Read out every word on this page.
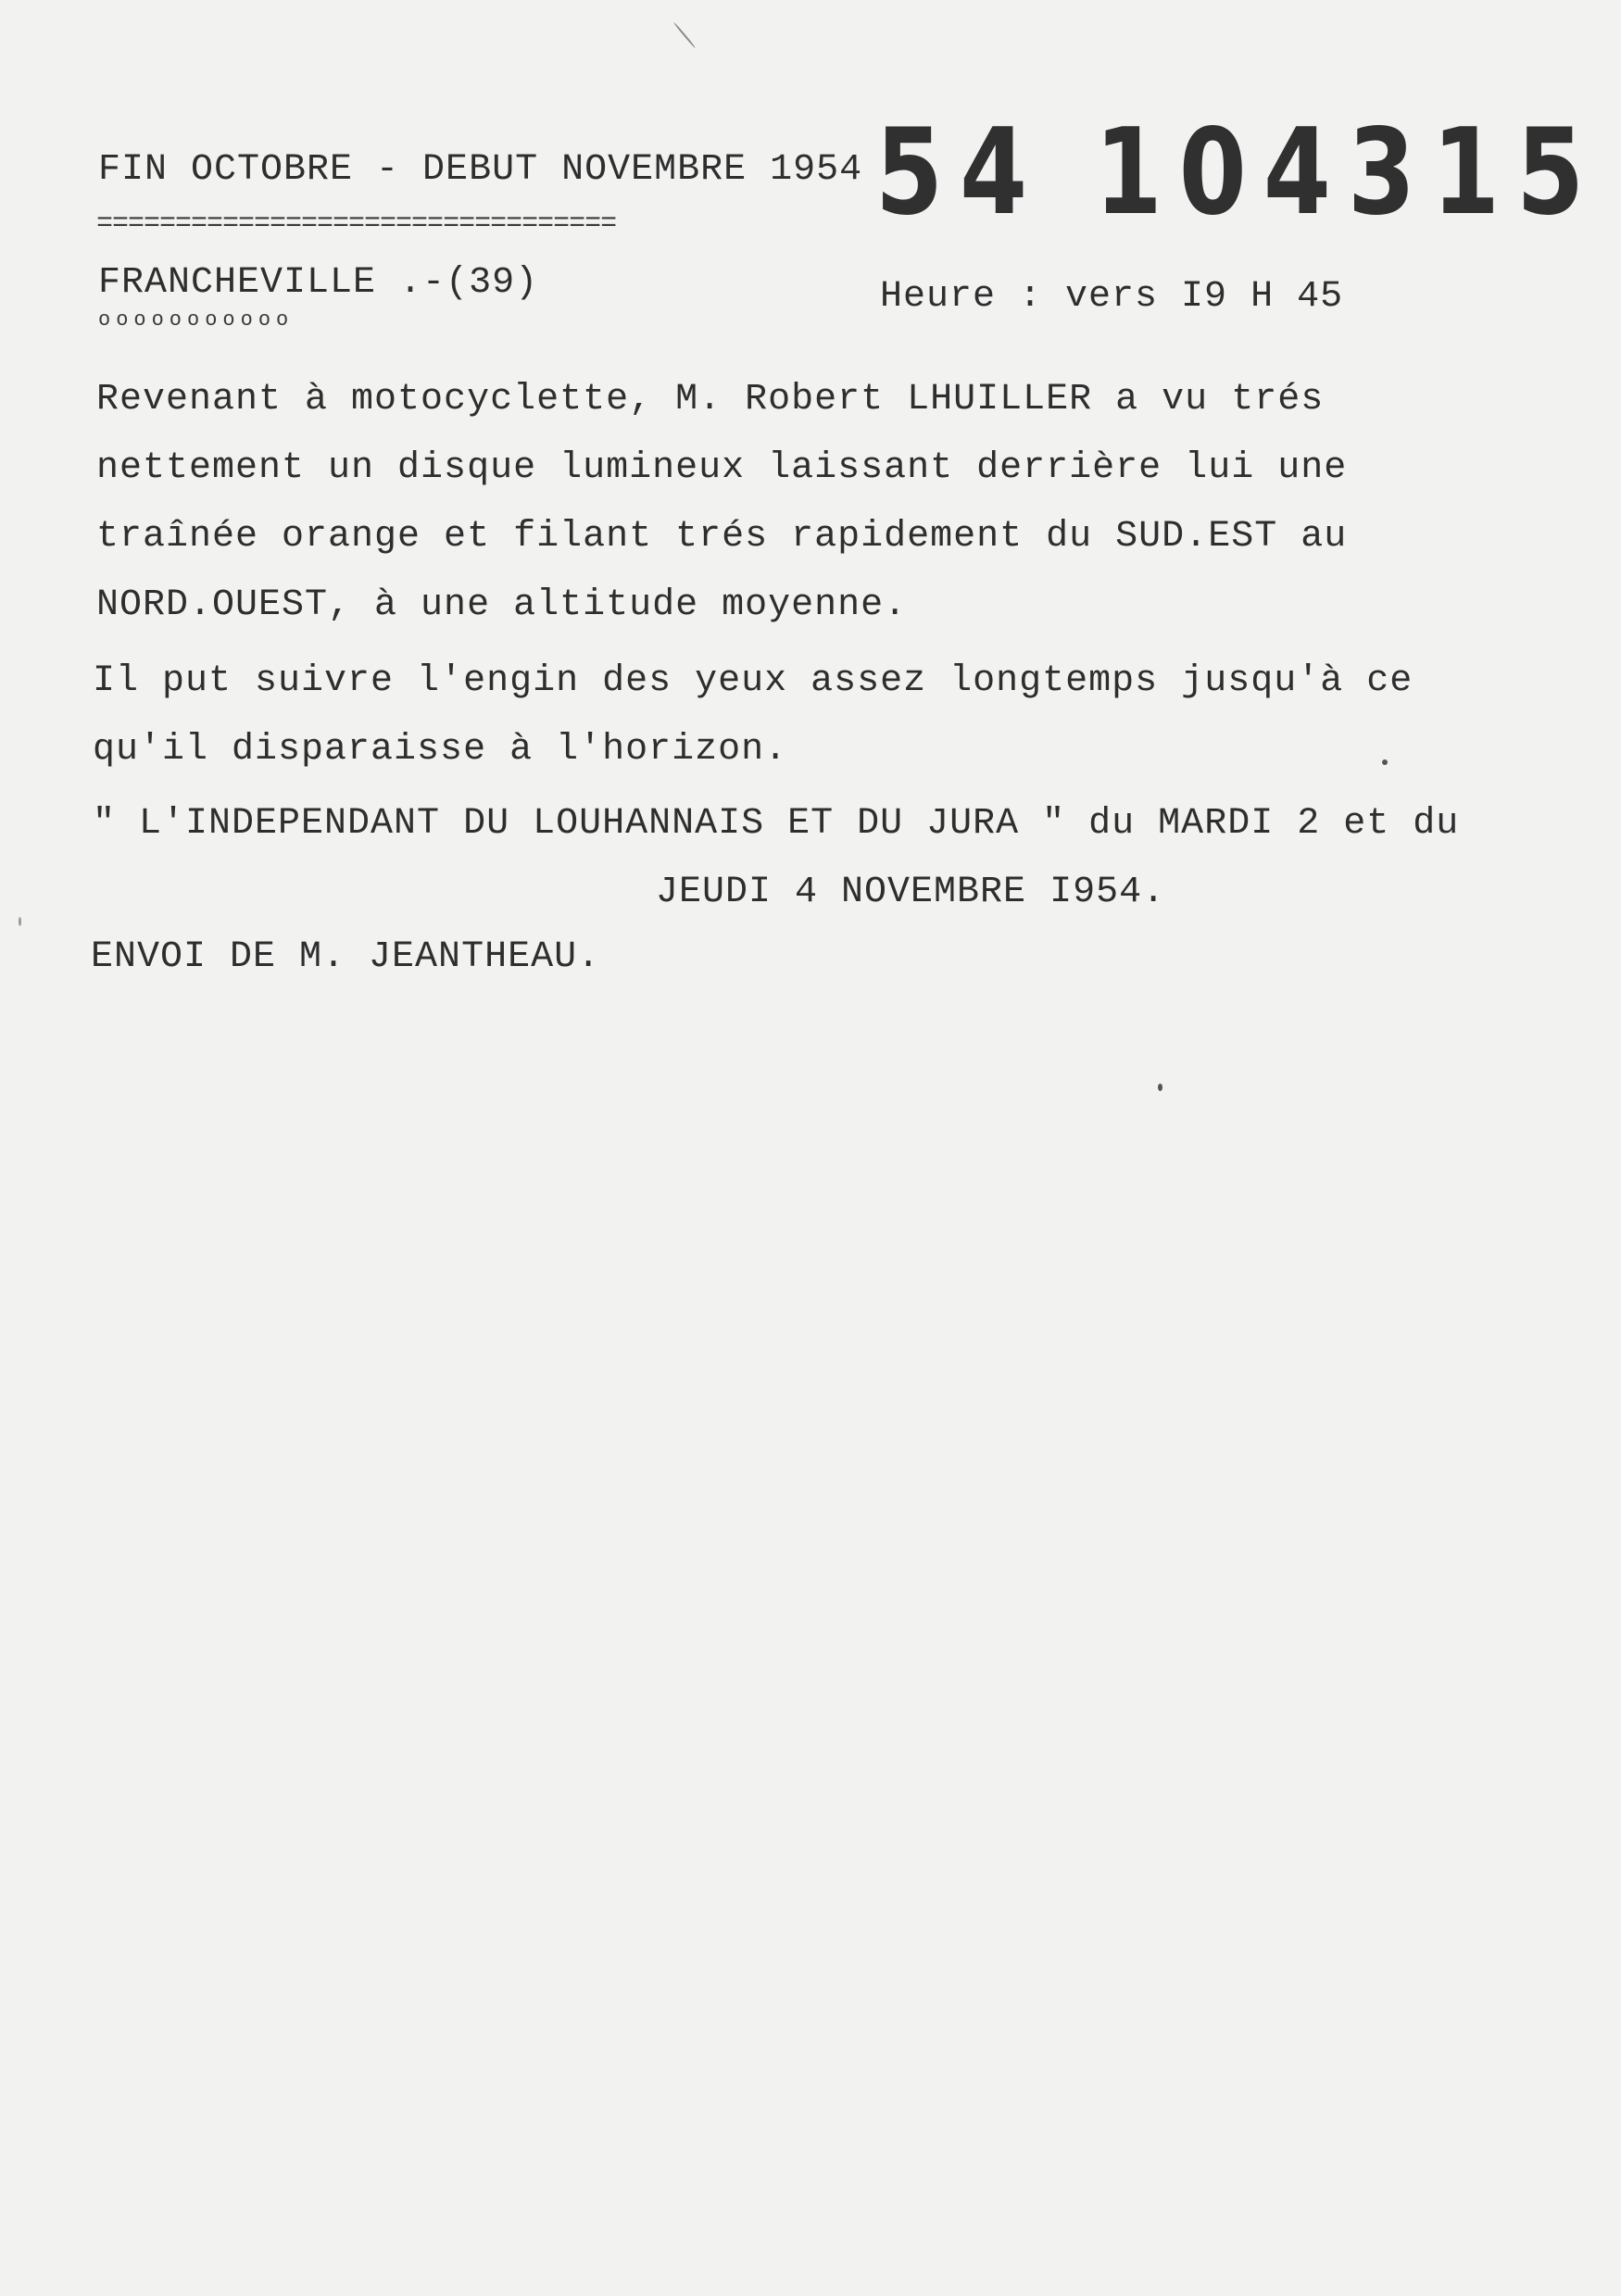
54 104315
FIN OCTOBRE - DEBUT NOVEMBRE 1954
=================================
FRANCHEVILLE .-(39)
ooooooooooo
Heure : vers I9 H 45
Revenant à motocyclette, M. Robert LHUILLER a vu trés
nettement un disque lumineux laissant derrière lui une
traînée orange et filant trés rapidement du SUD.EST au
NORD.OUEST, à une altitude moyenne.
Il put suivre l'engin des yeux assez longtemps jusqu'à ce
qu'il disparaisse à l'horizon.
" L'INDEPENDANT DU LOUHANNAIS ET DU JURA " du MARDI 2 et du
JEUDI 4 NOVEMBRE I954.
ENVOI DE M. JEANTHEAU.
